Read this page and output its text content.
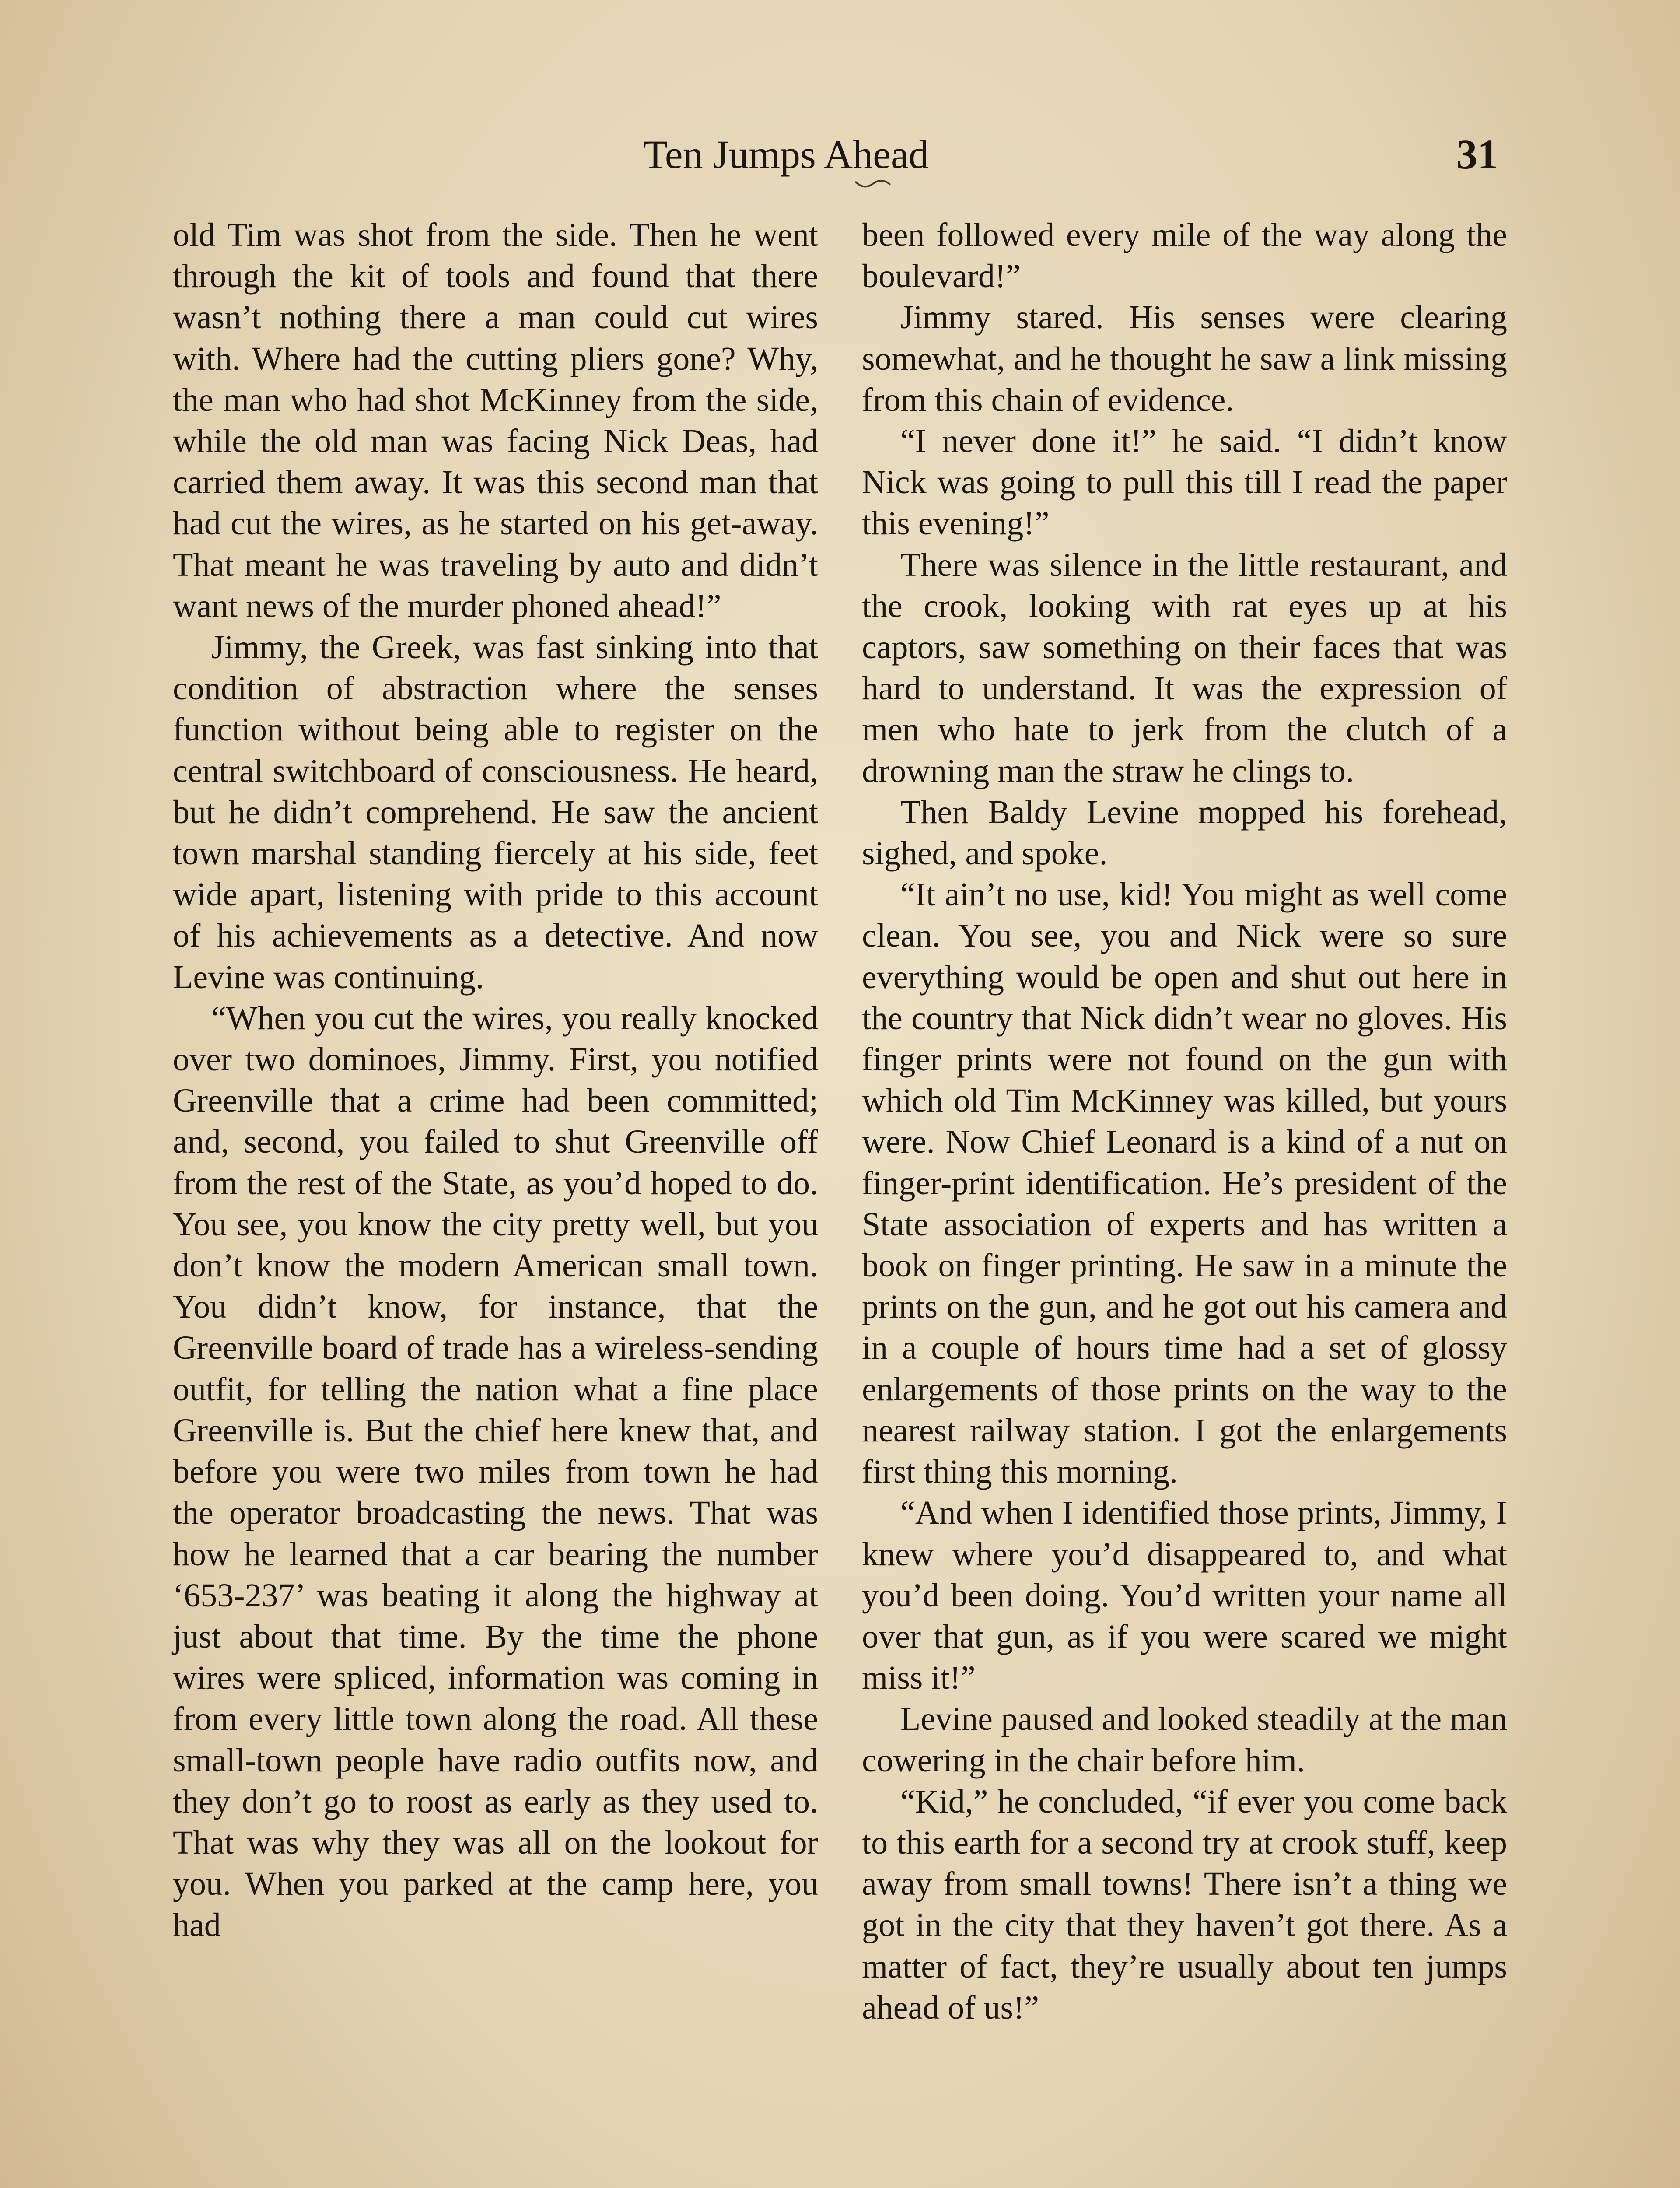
Ten Jumps Ahead	31

old Tim was shot from the side. Then he went through the kit of tools and found that there wasn’t nothing there a man could cut wires with. Where had the cutting pliers gone? Why, the man who had shot McKinney from the side, while the old man was facing Nick Deas, had carried them away. It was this second man that had cut the wires, as he started on his get-away. That meant he was traveling by auto and didn’t want news of the murder phoned ahead!”

Jimmy, the Greek, was fast sinking into that condition of abstraction where the senses function without being able to register on the central switchboard of consciousness. He heard, but he didn’t comprehend. He saw the ancient town marshal standing fiercely at his side, feet wide apart, listening with pride to this account of his achievements as a detective. And now Levine was continuing.

“When you cut the wires, you really knocked over two dominoes, Jimmy. First, you notified Greenville that a crime had been committed; and, second, you failed to shut Greenville off from the rest of the State, as you’d hoped to do. You see, you know the city pretty well, but you don’t know the modern American small town. You didn’t know, for instance, that the Greenville board of trade has a wireless-sending outfit, for telling the nation what a fine place Greenville is. But the chief here knew that, and before you were two miles from town he had the operator broadcasting the news. That was how he learned that a car bearing the number ‘653-237’ was beating it along the highway at just about that time. By the time the phone wires were spliced, information was coming in from every little town along the road. All these small-town people have radio outfits now, and they don’t go to roost as early as they used to. That was why they was all on the lookout for you. When you parked at the camp here, you had

been followed every mile of the way along the boulevard!”

Jimmy stared. His senses were clearing somewhat, and he thought he saw a link missing from this chain of evidence.

“I never done it!” he said. “I didn’t know Nick was going to pull this till I read the paper this evening!”

There was silence in the little restaurant, and the crook, looking with rat eyes up at his captors, saw something on their faces that was hard to understand. It was the expression of men who hate to jerk from the clutch of a drowning man the straw he clings to.

Then Baldy Levine mopped his forehead, sighed, and spoke.

“It ain’t no use, kid! You might as well come clean. You see, you and Nick were so sure everything would be open and shut out here in the country that Nick didn’t wear no gloves. His finger prints were not found on the gun with which old Tim McKinney was killed, but yours were. Now Chief Leonard is a kind of a nut on finger-print identification. He’s president of the State association of experts and has written a book on finger printing. He saw in a minute the prints on the gun, and he got out his camera and in a couple of hours time had a set of glossy enlargements of those prints on the way to the nearest railway station. I got the enlargements first thing this morning.

“And when I identified those prints, Jimmy, I knew where you’d disappeared to, and what you’d been doing. You’d written your name all over that gun, as if you were scared we might miss it!”

Levine paused and looked steadily at the man cowering in the chair before him.

“Kid,” he concluded, “if ever you come back to this earth for a second try at crook stuff, keep away from small towns! There isn’t a thing we got in the city that they haven’t got there. As a matter of fact, they’re usually about ten jumps ahead of us!”
